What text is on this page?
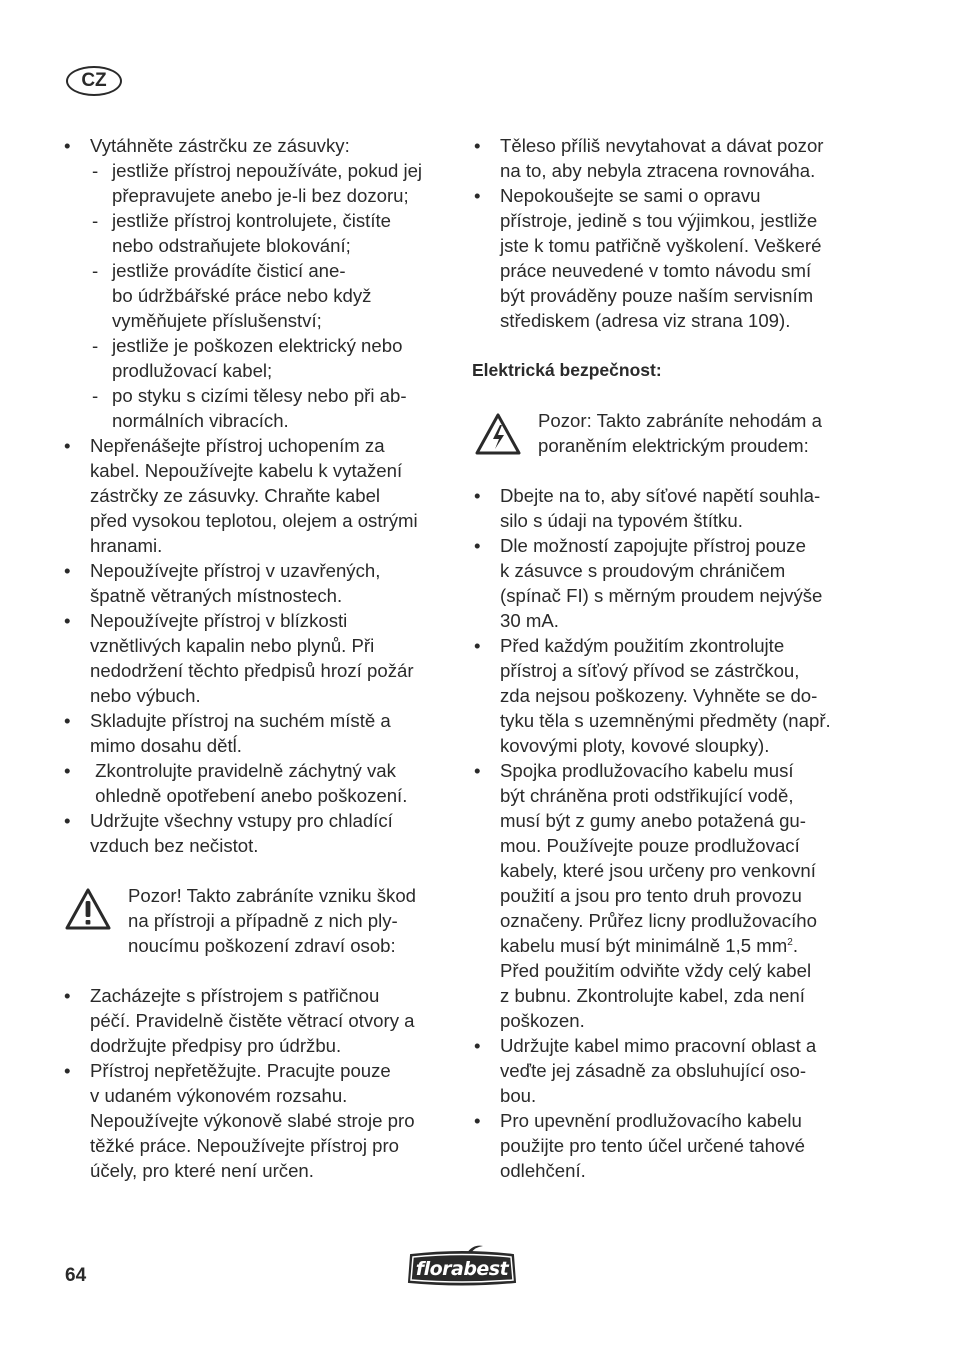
CZ
• Vytáhněte zástrčku ze zásuvky:
- jestliže přístroj nepoužíváte, pokud jej
přepravujete anebo je-li bez dozoru;
- jestliže přístroj kontrolujete, čistíte
nebo odstraňujete blokování;
- jestliže provádíte čisticí ane-
bo údržbářské práce nebo když
vyměňujete příslušenství;
- jestliže je poškozen elektrický nebo
prodlužovací kabel;
- po styku s cizími tělesy nebo při ab-
normálních vibracích.
• Nepřenášejte přístroj uchopením za
kabel. Nepoužívejte kabelu k vytažení
zástrčky ze zásuvky. Chraňte kabel
před vysokou teplotou, olejem a ostrými
hranami.
• Nepoužívejte přístroj v uzavřených,
špatně větraných místnostech.
• Nepoužívejte přístroj v blízkosti
vznětlivých kapalin nebo plynů. Při
nedodržení těchto předpisů hrozí požár
nebo výbuch.
• Skladujte přístroj na suchém místě a
mimo dosahu dětĺ.
•  Zkontrolujte pravidelně záchytný vak
ohledně opotřebení anebo poškození.
• Udržujte všechny vstupy pro chladící
vzduch bez nečistot.
Pozor! Takto zabráníte vzniku škod
na přístroji a případně z nich ply-
noucímu poškození zdraví osob:
• Zacházejte s přístrojem s patřičnou
péčí. Pravidelně čistěte větrací otvory a
dodržujte předpisy pro údržbu.
• Přístroj nepřetěžujte. Pracujte pouze
v udaném výkonovém rozsahu.
Nepoužívejte výkonově slabé stroje pro
těžké práce. Nepoužívejte přístroj pro
účely, pro které není určen.
• Těleso příliš nevytahovat a dávat pozor
na to, aby nebyla ztracena rovnováha.
• Nepokoušejte se sami o opravu
přístroje, jedině s tou výjimkou, jestliže
jste k tomu patřičně vyškolení. Veškeré
práce neuvedené v tomto návodu smí
být prováděny pouze naším servisním
střediskem (adresa viz strana 109).
Elektrická bezpečnost:
Pozor: Takto zabráníte nehodám a
poraněním elektrickým proudem:
• Dbejte na to, aby síťové napětí souhla-
silo s údaji na typovém štítku.
• Dle možností zapojujte přístroj pouze
k zásuvce s proudovým chráničem
(spínač FI) s měrným proudem nejvýše
30 mA.
• Před každým použitím zkontrolujte
přístroj a síťový přívod se zástrčkou,
zda nejsou poškozeny. Vyhněte se do-
tyku těla s uzemněnými předměty (např.
kovovými ploty, kovové sloupky).
• Spojka prodlužovacího kabelu musí
být chráněna proti odstřikující vodě,
musí být z gumy anebo potažená gu-
mou. Používejte pouze prodlužovací
kabely, které jsou určeny pro venkovní
použití a jsou pro tento druh provozu
označeny. Průřez licny prodlužovacího
kabelu musí být minimálně 1,5 $mm^2$.
Před použitím odviňte vždy celý kabel
z bubnu. Zkontrolujte kabel, zda není
poškozen.
• Udržujte kabel mimo pracovní oblast a
veďte jej zásadně za obsluhující oso-
bou.
• Pro upevnění prodlužovacího kabelu
použijte pro tento účel určené tahové
odlehčení.
64	florabest
